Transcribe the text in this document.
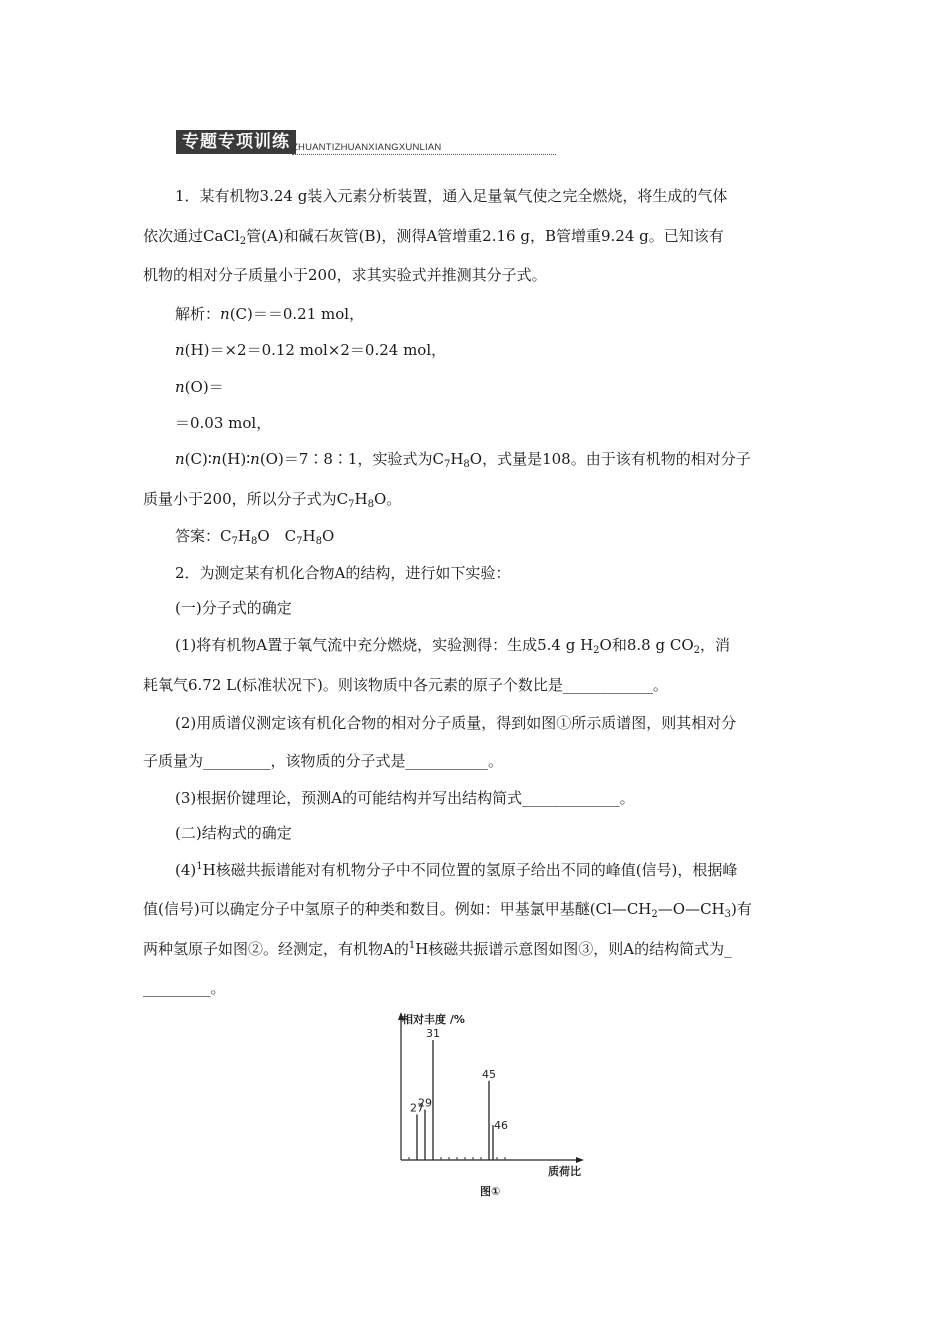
专题专项训练 ZHUANTIZHUANXIANGXUNLIAN
1．某有机物3.24 g装入元素分析装置，通入足量氧气使之完全燃烧，将生成的气体
依次通过CaCl$_2$管(A)和碱石灰管(B)，测得A管增重2.16 g，B管增重9.24 g。已知该有
机物的相对分子质量小于200，求其实验式并推测其分子式。
解析：n(C)＝＝0.21 mol，
n(H)＝×2＝0.12 mol×2＝0.24 mol，
n(O)＝
＝0.03 mol，
n(C)∶n(H)∶n(O)＝7∶8∶1，实验式为$C_7H_8O$，式量是108。由于该有机物的相对分子
质量小于200，所以分子式为$C_7H_8O$。
答案：$C_7H_8O$　$C_7H_8O$
2．为测定某有机化合物A的结构，进行如下实验：
(一)分子式的确定
(1)将有机物A置于氧气流中充分燃烧，实验测得：生成5.4 g $H_2O$和8.8 g $CO_2$，消
耗氧气6.72 L(标准状况下)。则该物质中各元素的原子个数比是____________。
(2)用质谱仪测定该有机化合物的相对分子质量，得到如图①所示质谱图，则其相对分
子质量为_________，该物质的分子式是___________。
(3)根据价键理论，预测A的可能结构并写出结构简式_____________。
(二)结构式的确定
$(4)^1H$核磁共振谱能对有机物分子中不同位置的氢原子给出不同的峰值(信号)，根据峰
值(信号)可以确定分子中氢原子的种类和数目。例如：甲基氯甲基醚$(Cl—CH_2—O—CH_3)$有
两种氢原子如图②。经测定，有机物A的$^1$H核磁共振谱示意图如图③，则A的结构简式为_
_________。
相对丰度 /%
质荷比
图①
27
29
31
45
46
